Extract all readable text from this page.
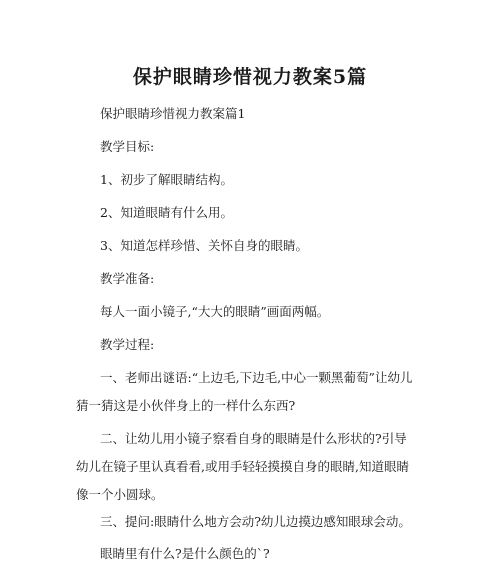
保护眼睛珍惜视力教案5篇

保护眼睛珍惜视力教案篇1

教学目标:

1、初步了解眼睛结构。

2、知道眼睛有什么用。

3、知道怎样珍惜、关怀自身的眼睛。

教学准备:

每人一面小镜子,“大大的眼睛”画面两幅。

教学过程:

一、老师出谜语:“上边毛,下边毛,中心一颗黑葡萄”让幼儿猜一猜这是小伙伴身上的一样什么东西?

二、让幼儿用小镜子察看自身的眼睛是什么形状的?引导幼儿在镜子里认真看看,或用手轻轻摸摸自身的眼睛,知道眼睛像一个小圆球。

三、提问:眼睛什么地方会动?幼儿边摸边感知眼球会动。

眼睛里有什么?是什么颜色的`?
